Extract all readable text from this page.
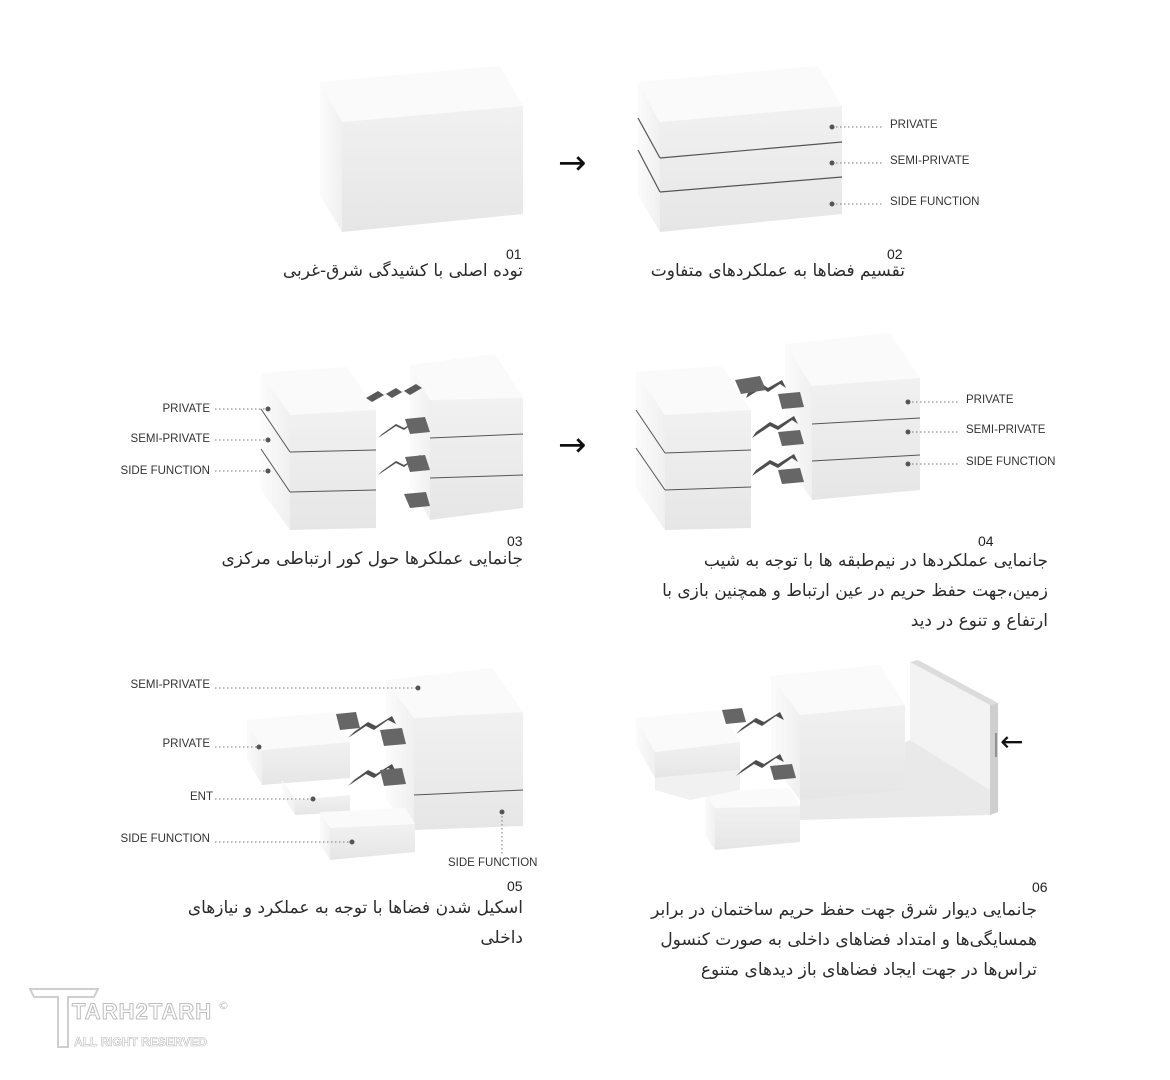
01
توده اصلی با کشیدگی شرق-غربی
02
تقسیم فضاها به عملکردهای متفاوت
PRIVATE
SEMI-PRIVATE
SIDE FUNCTION
03
جانمایی عملکرها حول کور ارتباطی مرکزی
PRIVATE
SEMI-PRIVATE
SIDE FUNCTION
04
جانمایی عملکردها در نیم‌طبقه ها با توجه به شیب
زمین،جهت حفظ حریم در عین ارتباط و همچنین بازی با
ارتفاع و تنوع در دید
PRIVATE
SEMI-PRIVATE
SIDE FUNCTION
05
اسکیل شدن فضاها با توجه به عملکرد و نیازهای
داخلی
SEMI-PRIVATE
PRIVATE
ENT
SIDE FUNCTION
SIDE FUNCTION
06
جانمایی دیوار شرق جهت حفظ حریم ساختمان در برابر
همسایگی‌ها و امتداد فضاهای داخلی به صورت کنسول
تراس‌ها در جهت ایجاد فضاهای باز دیدهای متنوع
→
→
←
TARH2TARH
ALL RIGHT RESERVED
©
